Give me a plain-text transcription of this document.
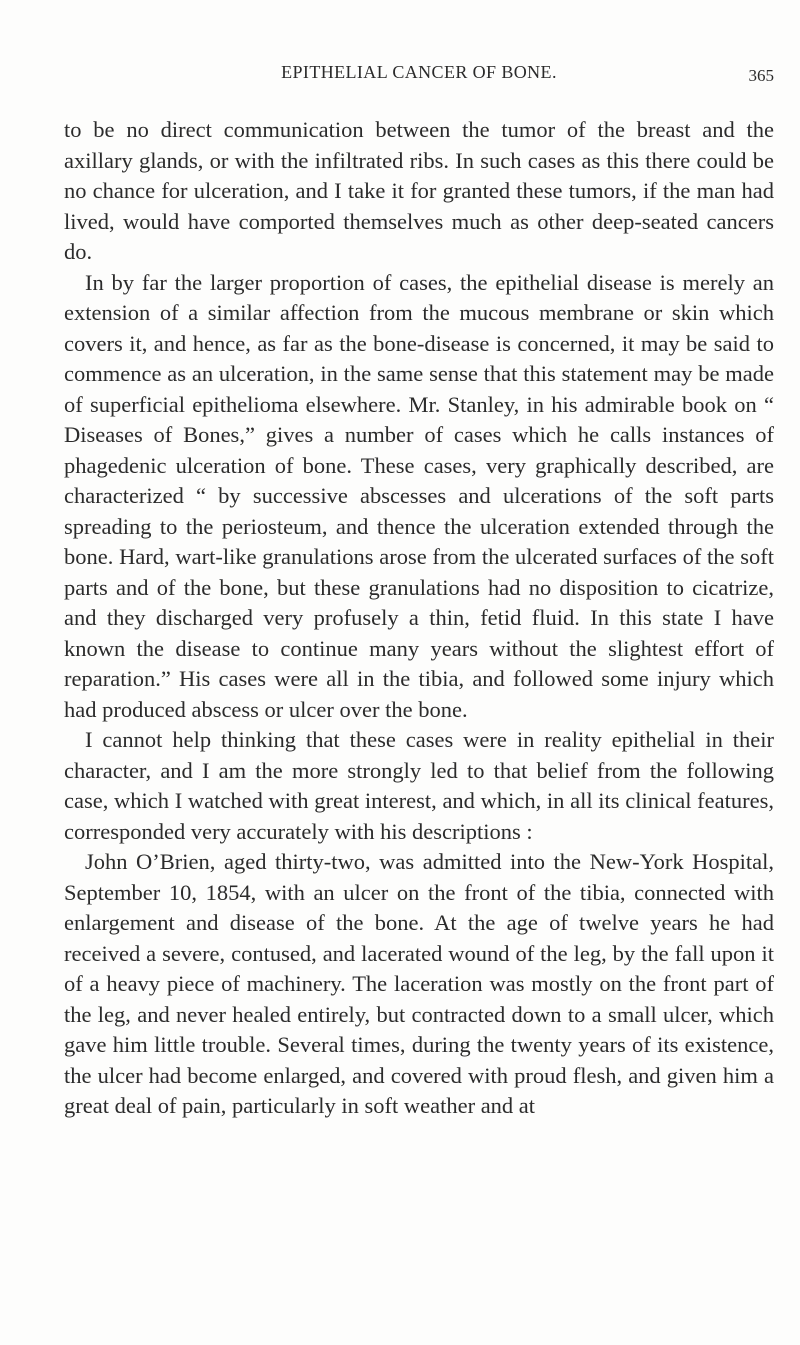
EPITHELIAL CANCER OF BONE.	365

to be no direct communication between the tumor of the breast and the axillary glands, or with the infiltrated ribs. In such cases as this there could be no chance for ulceration, and I take it for granted these tumors, if the man had lived, would have comported themselves much as other deep-seated cancers do.

In by far the larger proportion of cases, the epithelial disease is merely an extension of a similar affection from the mucous membrane or skin which covers it, and hence, as far as the bone-disease is concerned, it may be said to commence as an ulceration, in the same sense that this statement may be made of superficial epithelioma elsewhere. Mr. Stanley, in his admirable book on “ Diseases of Bones,” gives a number of cases which he calls instances of phagedenic ulceration of bone. These cases, very graphically described, are characterized “ by successive abscesses and ulcerations of the soft parts spreading to the periosteum, and thence the ulceration extended through the bone. Hard, wart-like granulations arose from the ulcerated surfaces of the soft parts and of the bone, but these granulations had no disposition to cicatrize, and they discharged very profusely a thin, fetid fluid. In this state I have known the disease to continue many years without the slightest effort of reparation.” His cases were all in the tibia, and followed some injury which had produced abscess or ulcer over the bone.

I cannot help thinking that these cases were in reality epithelial in their character, and I am the more strongly led to that belief from the following case, which I watched with great interest, and which, in all its clinical features, corresponded very accurately with his descriptions :

John O’Brien, aged thirty-two, was admitted into the New-York Hospital, September 10, 1854, with an ulcer on the front of the tibia, connected with enlargement and disease of the bone. At the age of twelve years he had received a severe, contused, and lacerated wound of the leg, by the fall upon it of a heavy piece of machinery. The laceration was mostly on the front part of the leg, and never healed entirely, but contracted down to a small ulcer, which gave him little trouble. Several times, during the twenty years of its existence, the ulcer had become enlarged, and covered with proud flesh, and given him a great deal of pain, particularly in soft weather and at
